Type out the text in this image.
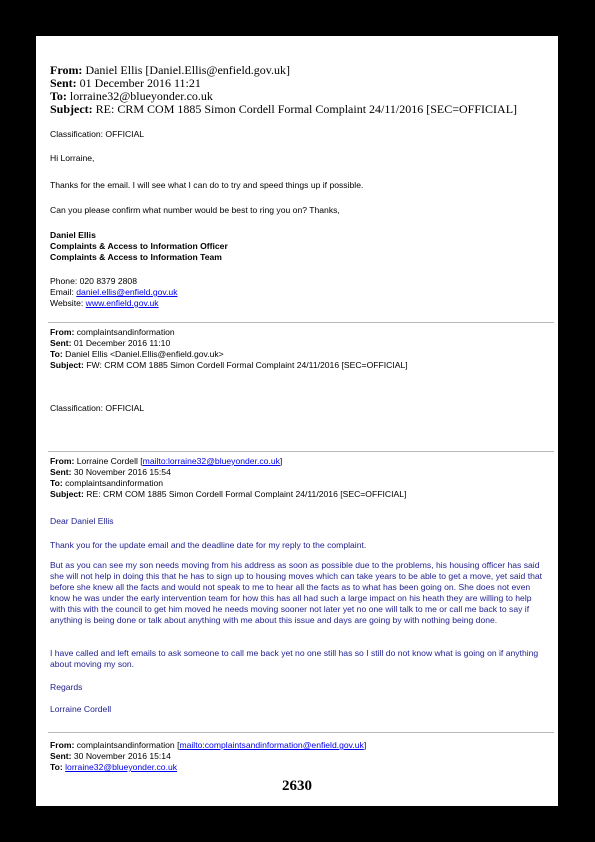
From: Daniel Ellis [Daniel.Ellis@enfield.gov.uk]
Sent: 01 December 2016 11:21
To: lorraine32@blueyonder.co.uk
Subject: RE: CRM COM 1885 Simon Cordell Formal Complaint 24/11/2016 [SEC=OFFICIAL]
Classification: OFFICIAL
Hi Lorraine,
Thanks for the email. I will see what I can do to try and speed things up if possible.
Can you please confirm what number would be best to ring you on? Thanks,
Daniel Ellis
Complaints & Access to Information Officer
Complaints & Access to Information Team
Phone: 020 8379 2808
Email: daniel.ellis@enfield.gov.uk
Website: www.enfield.gov.uk
From: complaintsandinformation
Sent: 01 December 2016 11:10
To: Daniel Ellis <Daniel.Ellis@enfield.gov.uk>
Subject: FW: CRM COM 1885 Simon Cordell Formal Complaint 24/11/2016 [SEC=OFFICIAL]
Classification: OFFICIAL
From: Lorraine Cordell [mailto:lorraine32@blueyonder.co.uk]
Sent: 30 November 2016 15:54
To: complaintsandinformation
Subject: RE: CRM COM 1885 Simon Cordell Formal Complaint 24/11/2016 [SEC=OFFICIAL]
Dear Daniel Ellis
Thank you for the update email and the deadline date for my reply to the complaint.
But as you can see my son needs moving from his address as soon as possible due to the problems, his housing officer has said she will not help in doing this that he has to sign up to housing moves which can take years to be able to get a move, yet said that before she knew all the facts and would not speak to me to hear all the facts as to what has been going on. She does not even know he was under the early intervention team for how this has all had such a large impact on his heath they are willing to help with this with the council to get him moved he needs moving sooner not later yet no one will talk to me or call me back to say if anything is being done or talk about anything with me about this issue and days are going by with nothing being done.
I have called and left emails to ask someone to call me back yet no one still has so I still do not know what is going on if anything about moving my son.
Regards
Lorraine Cordell
From: complaintsandinformation [mailto:complaintsandinformation@enfield.gov.uk]
Sent: 30 November 2016 15:14
To: lorraine32@blueyonder.co.uk
2630
